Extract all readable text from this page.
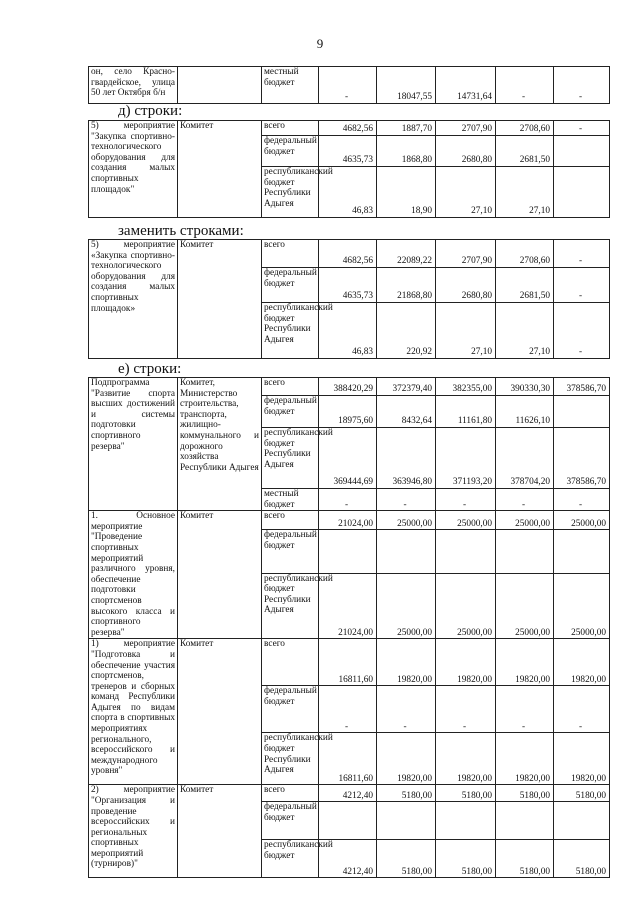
9
он, село Красно-гвардейское, улица 50 лет Октября б/н		местный бюджет	-	18047,55	14731,64	-	-
д) строки:
5) мероприятие "Закупка спортивно-технологического оборудования для создания малых спортивных площадок"	Комитет	всего	4682,56	1887,70	2707,90	2708,60	-
		федеральный бюджет	4635,73	1868,80	2680,80	2681,50	
		республиканский бюджет Республики Адыгея	46,83	18,90	27,10	27,10	
заменить строками:
5) мероприятие «Закупка спортивно-технологического оборудования для создания малых спортивных площадок»	Комитет	всего	4682,56	22089,22	2707,90	2708,60	-
		федеральный бюджет	4635,73	21868,80	2680,80	2681,50	-
		республиканский бюджет Республики Адыгея	46,83	220,92	27,10	27,10	-
е) строки:
Подпрограмма "Развитие спорта высших достижений и системы подготовки спортивного резерва"	Комитет, Министерство строительства, транспорта, жилищно-коммунального и дорожного хозяйства Республики Адыгея	всего	388420,29	372379,40	382355,00	390330,30	378586,70
		федеральный бюджет	18975,60	8432,64	11161,80	11626,10	
		республиканский бюджет Республики Адыгея	369444,69	363946,80	371193,20	378704,20	378586,70
		местный бюджет	-	-	-	-	-
1. Основное мероприятие "Проведение спортивных мероприятий различного уровня, обеспечение подготовки спортсменов высокого класса и спортивного резерва"	Комитет	всего	21024,00	25000,00	25000,00	25000,00	25000,00
		федеральный бюджет					
		республиканский бюджет Республики Адыгея	21024,00	25000,00	25000,00	25000,00	25000,00
1) мероприятие "Подготовка и обеспечение участия спортсменов, тренеров и сборных команд Республики Адыгея по видам спорта в спортивных мероприятиях регионального, всероссийского и международного уровня"	Комитет	всего	16811,60	19820,00	19820,00	19820,00	19820,00
		федеральный бюджет	-	-	-	-	-
		республиканский бюджет Республики Адыгея	16811,60	19820,00	19820,00	19820,00	19820,00
2) мероприятие "Организация и проведение всероссийских и региональных спортивных мероприятий (турниров)"	Комитет	всего	4212,40	5180,00	5180,00	5180,00	5180,00
		федеральный бюджет					
		республиканский бюджет	4212,40	5180,00	5180,00	5180,00	5180,00
